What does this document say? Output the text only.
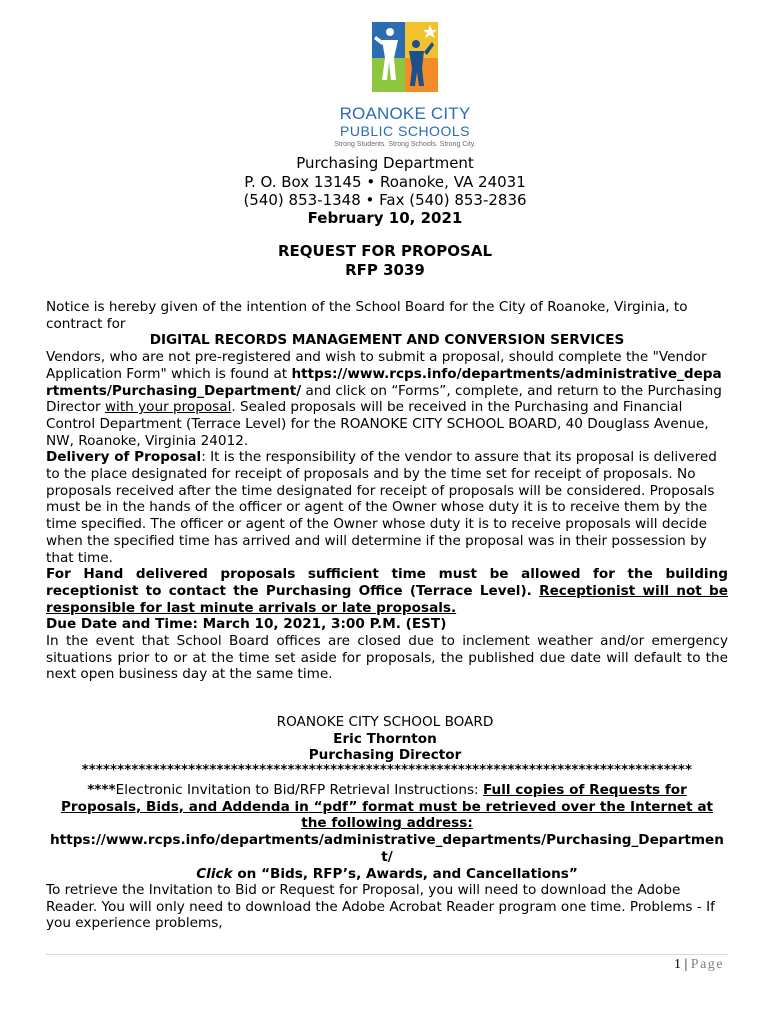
ROANOKE CITY
PUBLIC SCHOOLS
Strong Students. Strong Schools. Strong City.
Purchasing Department
P. O. Box 13145 • Roanoke, VA 24031
(540) 853-1348 • Fax (540) 853-2836
February 10, 2021
REQUEST FOR PROPOSAL
RFP 3039

Notice is hereby given of the intention of the School Board for the City of Roanoke, Virginia, to contract for

DIGITAL RECORDS MANAGEMENT AND CONVERSION SERVICES

Vendors, who are not pre-registered and wish to submit a proposal, should complete the "Vendor Application Form" which is found at https://www.rcps.info/departments/administrative_departments/Purchasing_Department/ and click on “Forms”, complete, and return to the Purchasing Director with your proposal. Sealed proposals will be received in the Purchasing and Financial Control Department (Terrace Level) for the ROANOKE CITY SCHOOL BOARD, 40 Douglass Avenue, NW, Roanoke, Virginia 24012.

Delivery of Proposal: It is the responsibility of the vendor to assure that its proposal is delivered to the place designated for receipt of proposals and by the time set for receipt of proposals. No proposals received after the time designated for receipt of proposals will be considered. Proposals must be in the hands of the officer or agent of the Owner whose duty it is to receive them by the time specified. The officer or agent of the Owner whose duty it is to receive proposals will decide when the specified time has arrived and will determine if the proposal was in their possession by that time.

For Hand delivered proposals sufficient time must be allowed for the building receptionist to contact the Purchasing Office (Terrace Level). Receptionist will not be responsible for last minute arrivals or late proposals.

Due Date and Time: March 10, 2021, 3:00 P.M. (EST)

In the event that School Board offices are closed due to inclement weather and/or emergency situations prior to or at the time set aside for proposals, the published due date will default to the next open business day at the same time.

ROANOKE CITY SCHOOL BOARD
Eric Thornton
Purchasing Director
**************************************************************************************

****Electronic Invitation to Bid/RFP Retrieval Instructions: Full copies of Requests for Proposals, Bids, and Addenda in “pdf” format must be retrieved over the Internet at the following address:

https://www.rcps.info/departments/administrative_departments/Purchasing_Department/

Click on “Bids, RFP’s, Awards, and Cancellations”

To retrieve the Invitation to Bid or Request for Proposal, you will need to download the Adobe Reader. You will only need to download the Adobe Acrobat Reader program one time. Problems - If you experience problems,
1 | Page
